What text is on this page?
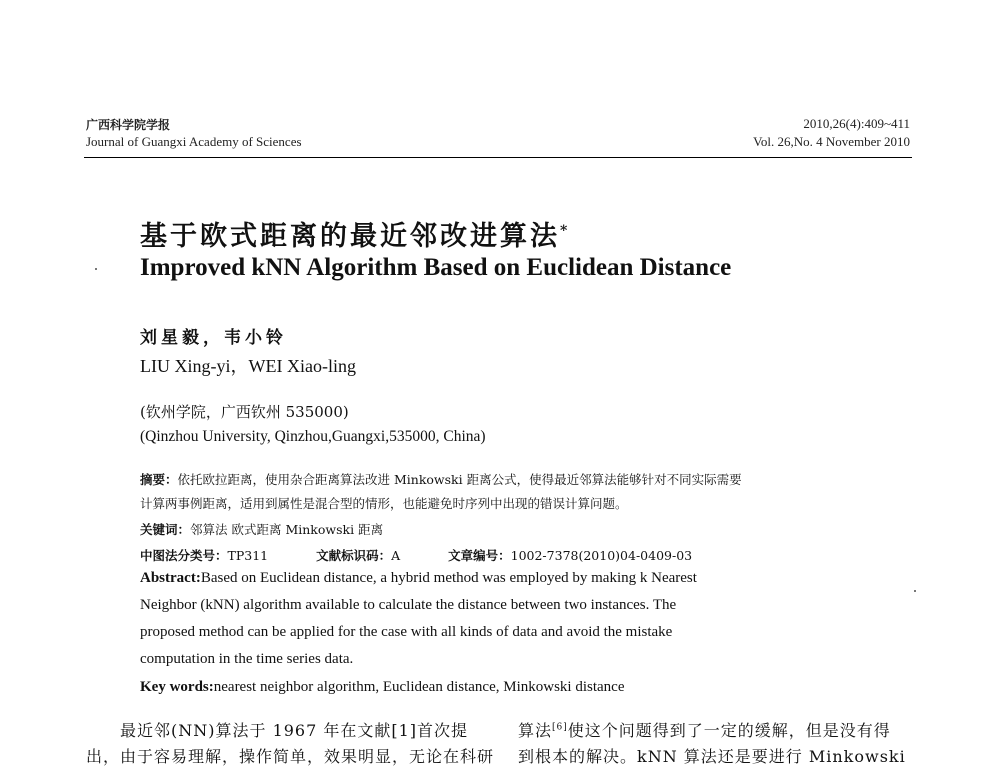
广西科学院学报
Journal of Guangxi Academy of Sciences
2010,26(4):409~411
Vol. 26,No. 4 November 2010
基于欧式距离的最近邻改进算法*
Improved kNN Algorithm Based on Euclidean Distance
刘星毅，韦小铃
LIU Xing-yi，WEI Xiao-ling
(钦州学院，广西钦州 535000)
(Qinzhou University, Qinzhou,Guangxi,535000, China)
摘要：依托欧拉距离，使用杂合距离算法改进 Minkowski 距离公式，使得最近邻算法能够针对不同实际需要
计算两事例距离，适用到属性是混合型的情形，也能避免时序列中出现的错误计算问题。
关键词：邻算法 欧式距离 Minkowski 距离
中图法分类号：TP311	文献标识码：A	文章编号：1002-7378(2010)04-0409-03
Abstract:Based on Euclidean distance, a hybrid method was employed by making k Nearest
Neighbor (kNN) algorithm available to calculate the distance between two instances. The
proposed method can be applied for the case with all kinds of data and avoid the mistake
computation in the time series data.
Key words:nearest neighbor algorithm, Euclidean distance, Minkowski distance
最近邻(NN)算法于 1967 年在文献[1]首次提
出，由于容易理解，操作简单，效果明显，无论在科研
算法[6]使这个问题得到了一定的缓解，但是没有得
到根本的解决。kNN 算法还是要进行 Minkowski
